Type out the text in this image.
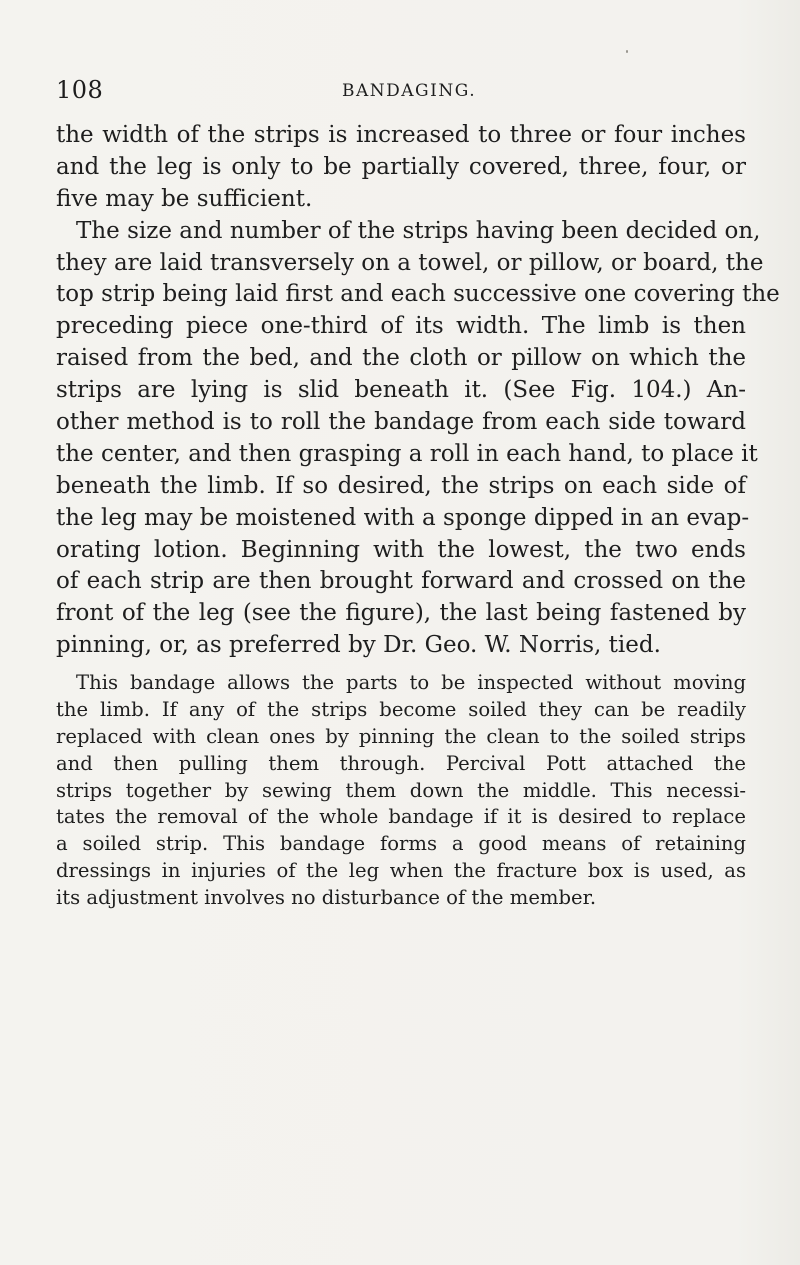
108	BANDAGING.

the width of the strips is increased to three or four inches
and the leg is only to be partially covered, three, four, or
five may be sufficient.
The size and number of the strips having been decided on,
they are laid transversely on a towel, or pillow, or board, the
top strip being laid first and each successive one covering the
preceding piece one-third of its width. The limb is then
raised from the bed, and the cloth or pillow on which the
strips are lying is slid beneath it. (See Fig. 104.) An-
other method is to roll the bandage from each side toward
the center, and then grasping a roll in each hand, to place it
beneath the limb. If so desired, the strips on each side of
the leg may be moistened with a sponge dipped in an evap-
orating lotion. Beginning with the lowest, the two ends
of each strip are then brought forward and crossed on the
front of the leg (see the figure), the last being fastened by
pinning, or, as preferred by Dr. Geo. W. Norris, tied.

This bandage allows the parts to be inspected without moving
the limb. If any of the strips become soiled they can be readily
replaced with clean ones by pinning the clean to the soiled strips
and then pulling them through. Percival Pott attached the
strips together by sewing them down the middle. This necessi-
tates the removal of the whole bandage if it is desired to replace
a soiled strip. This bandage forms a good means of retaining
dressings in injuries of the leg when the fracture box is used, as
its adjustment involves no disturbance of the member.
